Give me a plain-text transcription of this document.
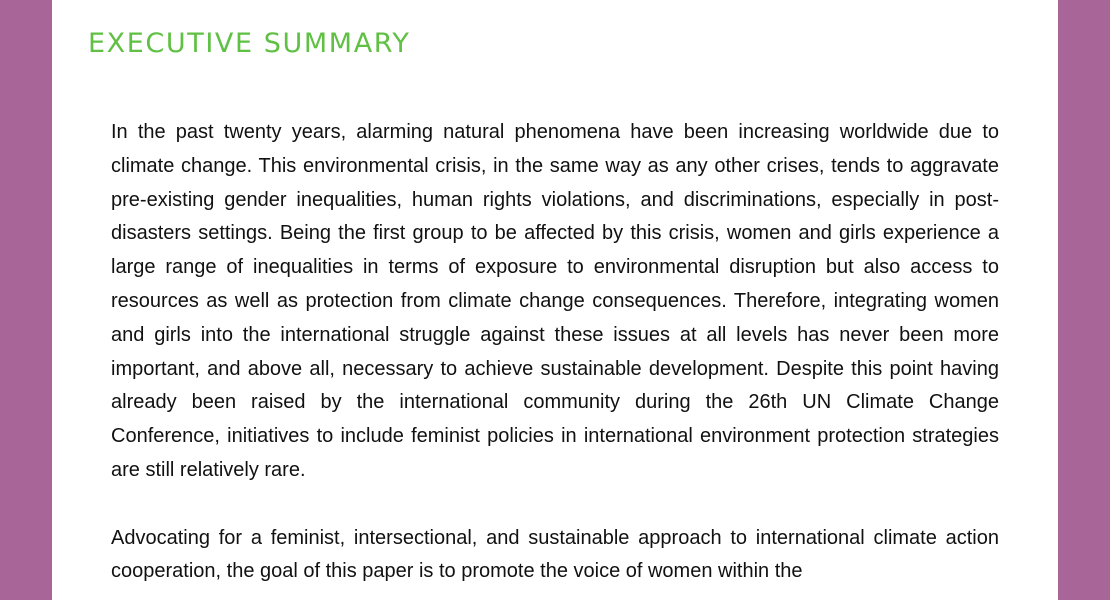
EXECUTIVE SUMMARY

In the past twenty years, alarming natural phenomena have been increasing worldwide due to climate change. This environmental crisis, in the same way as any other crises, tends to aggravate pre-existing gender inequalities, human rights violations, and discriminations, especially in post-disasters settings. Being the first group to be affected by this crisis, women and girls experience a large range of inequalities in terms of exposure to environmental disruption but also access to resources as well as protection from climate change consequences. Therefore, integrating women and girls into the international struggle against these issues at all levels has never been more important, and above all, necessary to achieve sustainable development. Despite this point having already been raised by the international community during the 26th UN Climate Change Conference, initiatives to include feminist policies in international environment protection strategies are still relatively rare.

Advocating for a feminist, intersectional, and sustainable approach to international climate action cooperation, the goal of this paper is to promote the voice of women within the
